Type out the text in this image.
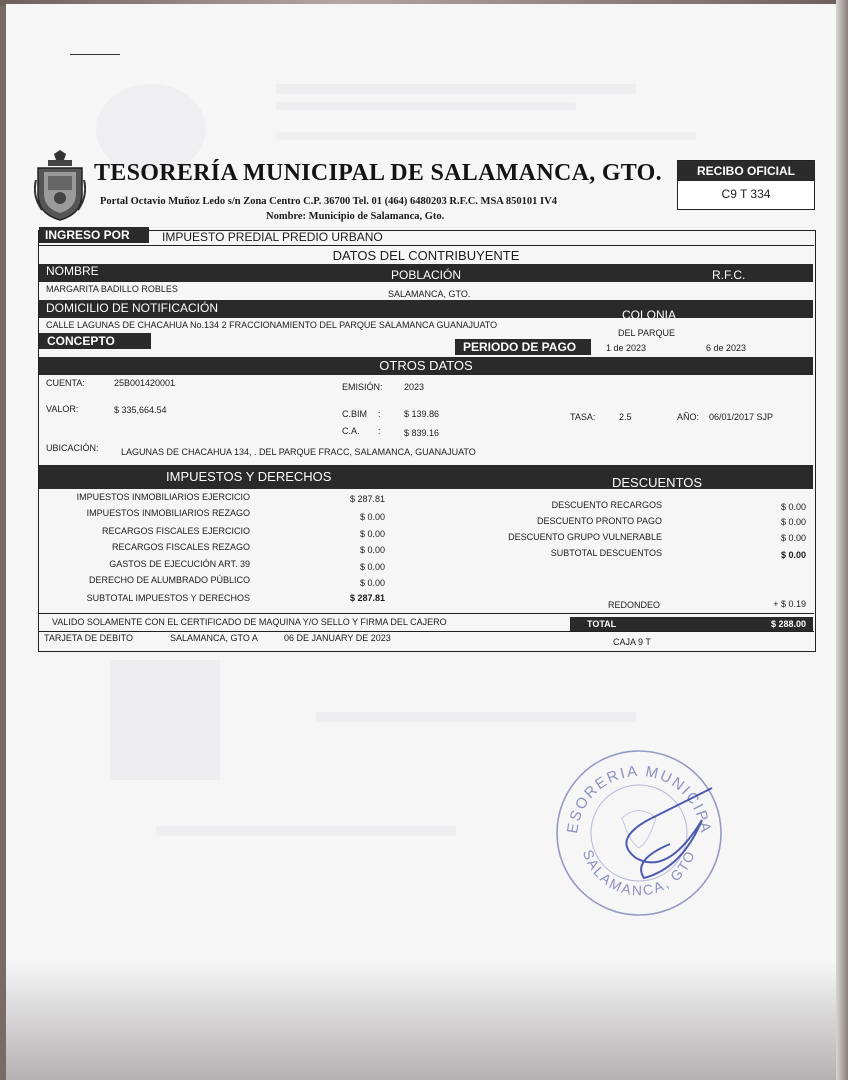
TESORERÍA MUNICIPAL DE SALAMANCA, GTO.
Portal Octavio Muñoz Ledo s/n Zona Centro C.P. 36700 Tel. 01 (464) 6480203 R.F.C. MSA 850101 IV4
Nombre: Municipio de Salamanca, Gto.
RECIBO OFICIAL
C9 T 334
INGRESO POR	IMPUESTO PREDIAL PREDIO URBANO
DATOS DEL CONTRIBUYENTE
NOMBRE	POBLACIÓN	R.F.C.
MARGARITA BADILLO ROBLES	SALAMANCA, GTO.
DOMICILIO DE NOTIFICACIÓN	COLONIA
CALLE LAGUNAS DE CHACAHUA No.134 2 FRACCIONAMIENTO DEL PARQUE SALAMANCA GUANAJUATO
DEL PARQUE
CONCEPTO	PERIODO DE PAGO	1 de 2023	6 de 2023
OTROS DATOS
CUENTA:	25B001420001	EMISIÓN: 2023
VALOR:	$ 335,664.54	C.BIM :	$ 139.86	TASA:	2.5	AÑO: 06/01/2017 SJP
C.A. :	$ 839.16
UBICACIÓN: LAGUNAS DE CHACAHUA 134, . DEL PARQUE FRACC, SALAMANCA, GUANAJUATO
IMPUESTOS Y DERECHOS	DESCUENTOS
IMPUESTOS INMOBILIARIOS EJERCICIO	$ 287.81
IMPUESTOS INMOBILIARIOS REZAGO	$ 0.00
RECARGOS FISCALES EJERCICIO	$ 0.00
RECARGOS FISCALES REZAGO	$ 0.00
GASTOS DE EJECUCIÓN ART. 39	$ 0.00
DERECHO DE ALUMBRADO PÚBLICO	$ 0.00
SUBTOTAL IMPUESTOS Y DERECHOS	$ 287.81
DESCUENTO RECARGOS	$ 0.00
DESCUENTO PRONTO PAGO	$ 0.00
DESCUENTO GRUPO VULNERABLE	$ 0.00
SUBTOTAL DESCUENTOS	$ 0.00
REDONDEO	+ $ 0.19
VALIDO SOLAMENTE CON EL CERTIFICADO DE MAQUINA Y/O SELLO Y FIRMA DEL CAJERO	TOTAL	$ 288.00
TARJETA DE DEBITO	SALAMANCA, GTO A	06 DE JANUARY DE 2023	CAJA 9 T
ESORERIA MUNICIPA
SALAMANCA, GTO
